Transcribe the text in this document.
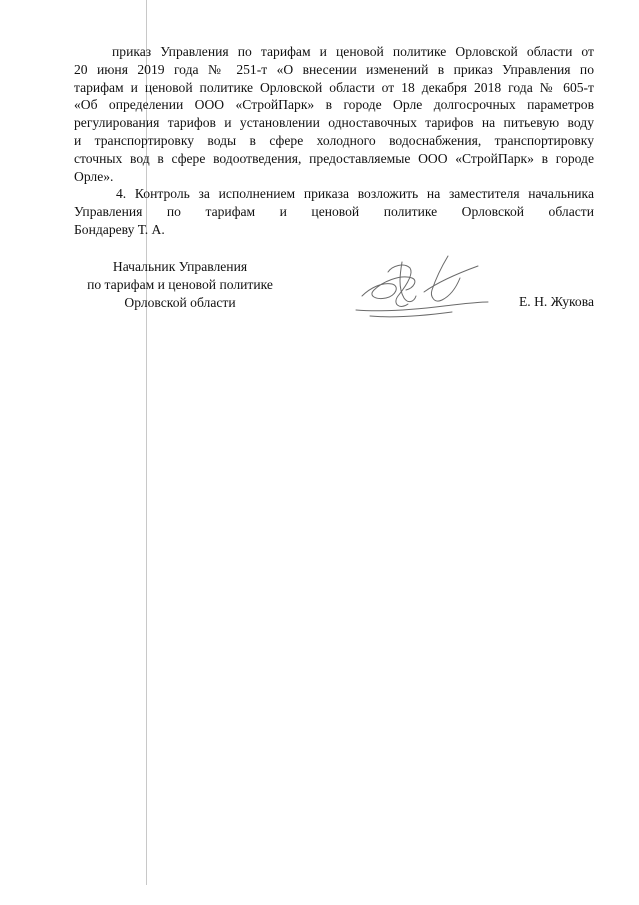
приказ Управления по тарифам и ценовой политике Орловской области от
20 июня 2019 года № 251-т «О внесении изменений в приказ Управления по
тарифам и ценовой политике Орловской области от 18 декабря 2018 года № 605-т
«Об определении ООО «СтройПарк» в городе Орле долгосрочных параметров
регулирования тарифов и установлении одноставочных тарифов на питьевую воду
и транспортировку воды в сфере холодного водоснабжения, транспортировку
сточных вод в сфере водоотведения, предоставляемые ООО «СтройПарк» в городе
Орле».
4. Контроль за исполнением приказа возложить на заместителя начальника
Управления по тарифам и ценовой политике Орловской области
Бондареву Т. А.
Начальник Управления
по тарифам и ценовой политике
Орловской области	Е. Н. Жукова
